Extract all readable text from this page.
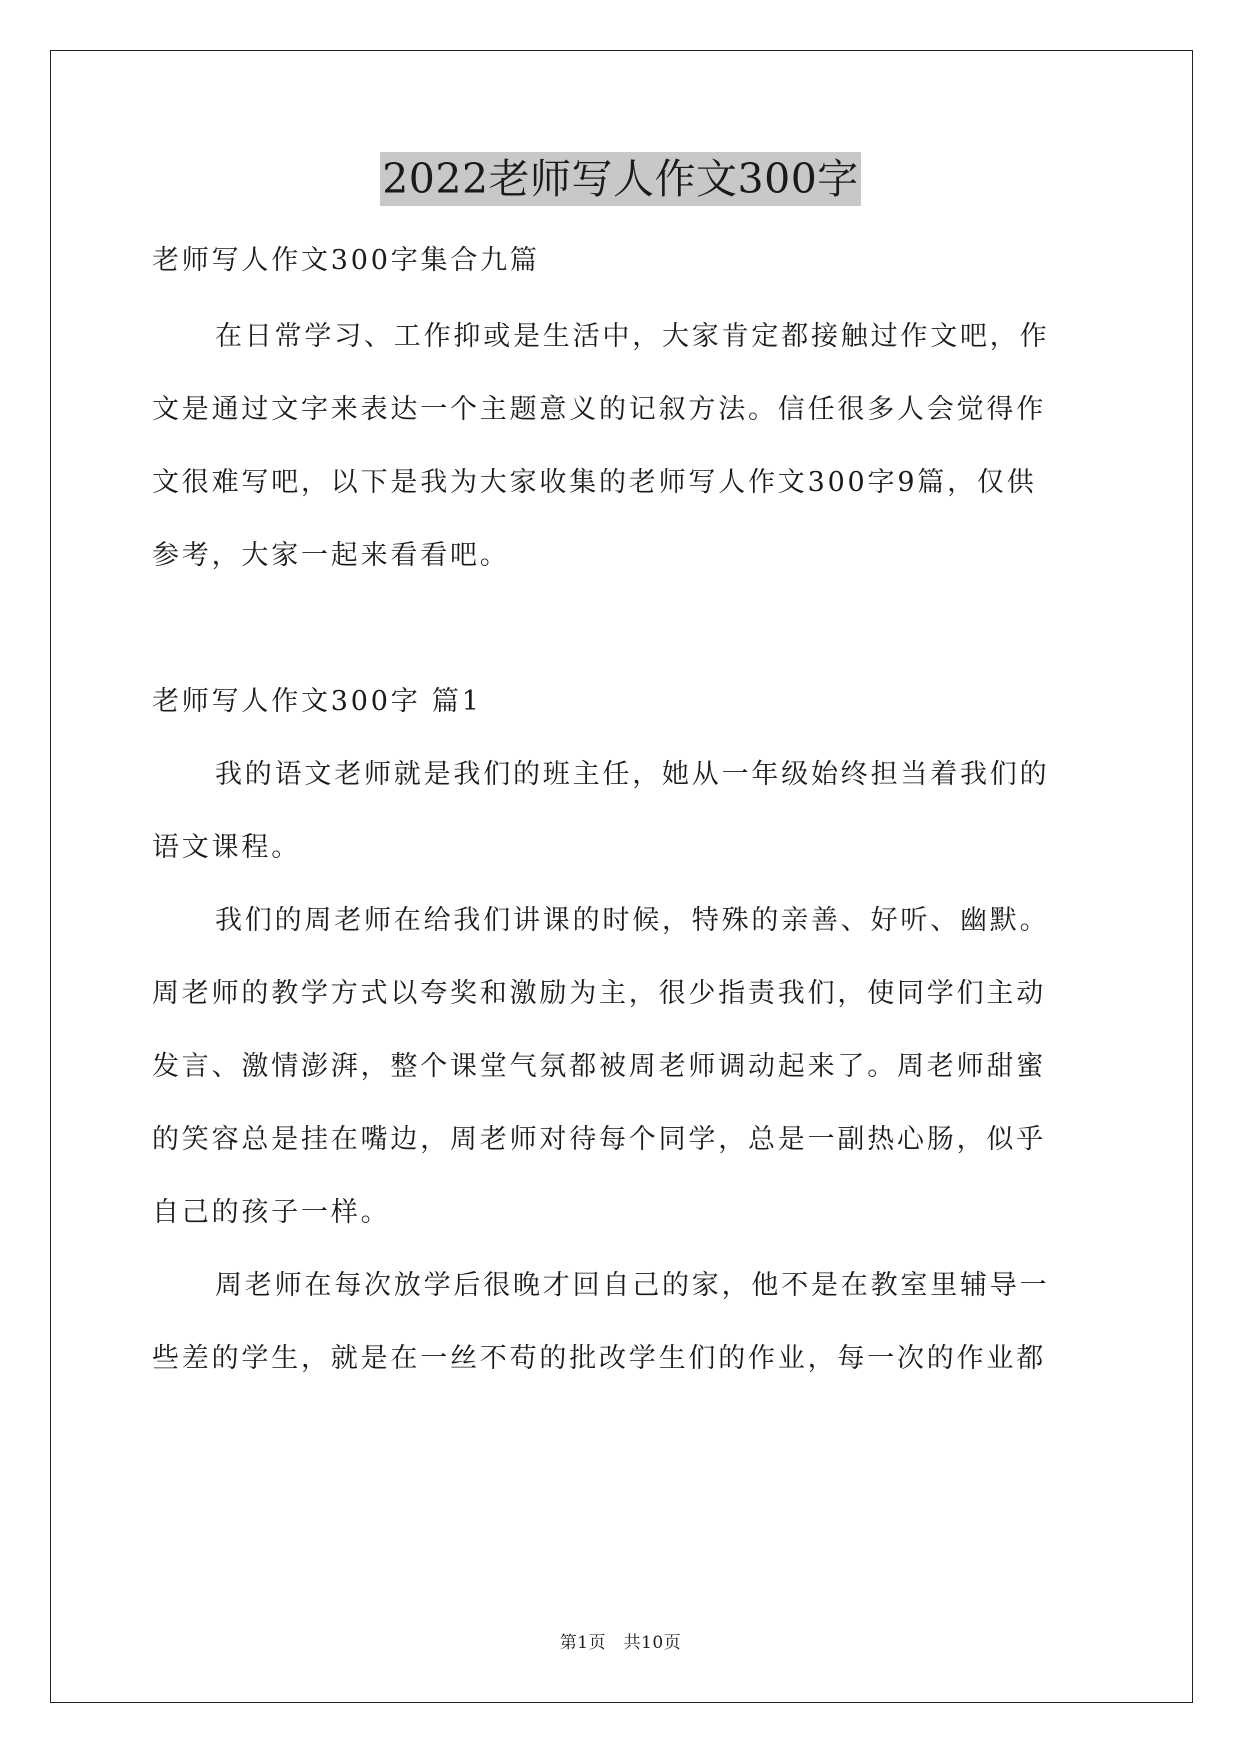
2022老师写人作文300字

老师写人作文300字集合九篇

在日常学习、工作抑或是生活中，大家肯定都接触过作文吧，作

文是通过文字来表达一个主题意义的记叙方法。信任很多人会觉得作

文很难写吧，以下是我为大家收集的老师写人作文300字9篇，仅供

参考，大家一起来看看吧。

老师写人作文300字 篇1

我的语文老师就是我们的班主任，她从一年级始终担当着我们的

语文课程。

我们的周老师在给我们讲课的时候，特殊的亲善、好听、幽默。

周老师的教学方式以夸奖和激励为主，很少指责我们，使同学们主动

发言、激情澎湃，整个课堂气氛都被周老师调动起来了。周老师甜蜜

的笑容总是挂在嘴边，周老师对待每个同学，总是一副热心肠，似乎

自己的孩子一样。

周老师在每次放学后很晚才回自己的家，他不是在教室里辅导一

些差的学生，就是在一丝不苟的批改学生们的作业，每一次的作业都

第1页　共10页
